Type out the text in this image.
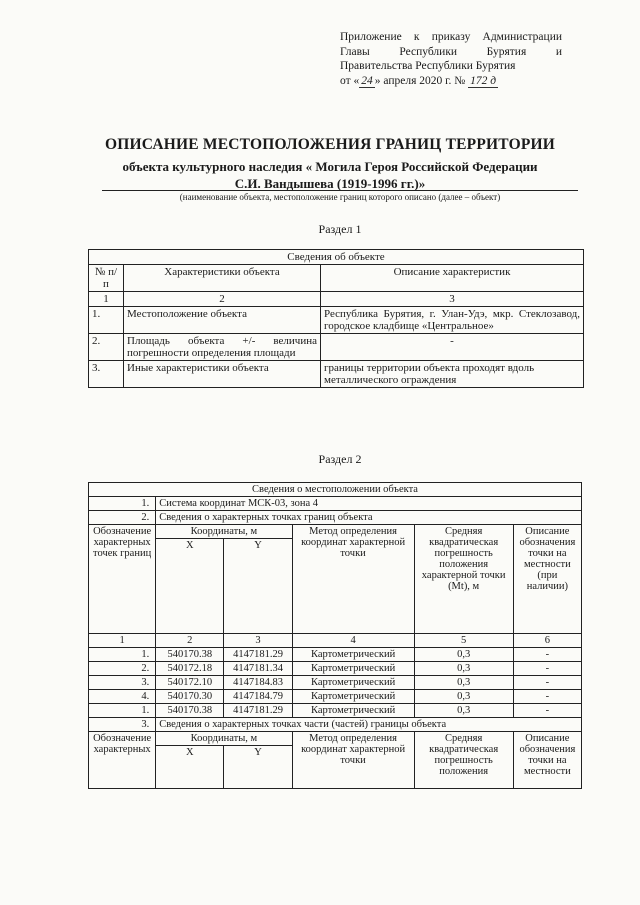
Приложение к приказу Администрации
Главы Республики Бурятия и
Правительства Республики Бурятия
от « 24 » апреля 2020 г. № 172 д
ОПИСАНИЕ МЕСТОПОЛОЖЕНИЯ ГРАНИЦ ТЕРРИТОРИИ
объекта культурного наследия « Могила Героя Российской Федерации
С.И. Вандышева (1919-1996 гг.)»
(наименование объекта, местоположение границ которого описано (далее – объект)
Раздел 1
Сведения об объекте		
№ п/п	Характеристики объекта	Описание характеристик
1	2	3
1.	Местоположение объекта	Республика Бурятия, г. Улан-Удэ, мкр. Стеклозавод, городское кладбище «Центральное»
2.	Площадь объекта +/- величина погрешности определения площади	-
3.	Иные характеристики объекта	границы территории объекта проходят вдоль металлического ограждения
Раздел 2
Сведения о местоположении объекта					
1.	Система координат МСК-03, зона 4				
2.	Сведения о характерных точках границ объекта				
Обозначение характерных точек границ	Координаты, м		Метод определения координат характерной точки	Средняя квадратическая погрешность положения характерной точки (Mt), м	Описание обозначения точки на местности (при наличии)
	X	Y			
1	2	3	4	5	6
1.	540170.38	4147181.29	Картометрический	0,3	-
2.	540172.18	4147181.34	Картометрический	0,3	-
3.	540172.10	4147184.83	Картометрический	0,3	-
4.	540170.30	4147184.79	Картометрический	0,3	-
1.	540170.38	4147181.29	Картометрический	0,3	-
3.	Сведения о характерных точках части (частей) границы объекта				
Обозначение характерных	Координаты, м		Метод определения координат характерной точки	Средняя квадратическая погрешность положения	Описание обозначения точки на местности
	X	Y			
